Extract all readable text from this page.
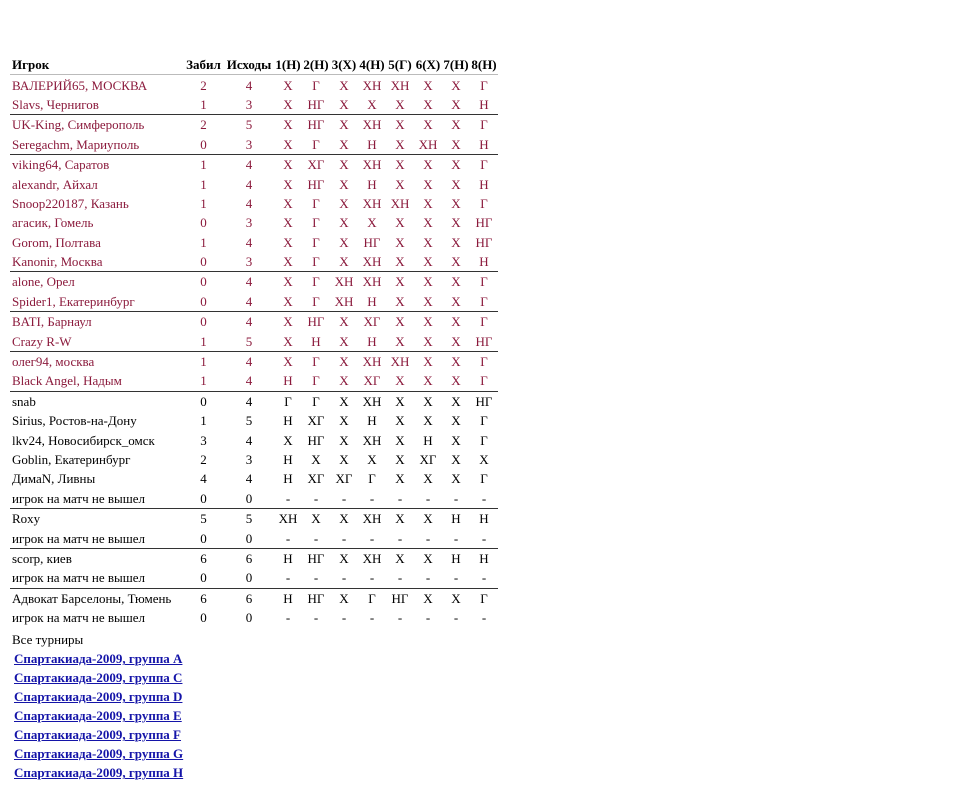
Игрок	Забил	Исходы	1(Н)	2(Н)	3(Х)	4(Н)	5(Г)	6(Х)	7(Н)	8(Н)
ВАЛЕРИЙ65, МОСКВА	2	4	Х	Г	Х	ХН	ХН	Х	Х	Г
Slavs, Чернигов	1	3	Х	НГ	Х	Х	Х	Х	Х	Н
UK-King, Симферополь	2	5	Х	НГ	Х	ХН	Х	Х	Х	Г
Seregachm, Мариуполь	0	3	Х	Г	Х	Н	Х	ХН	Х	Н
viking64, Саратов	1	4	Х	ХГ	Х	ХН	Х	Х	Х	Г
alexandr, Айхал	1	4	Х	НГ	Х	Н	Х	Х	Х	Н
Snoop220187, Казань	1	4	Х	Г	Х	ХН	ХН	Х	Х	Г
агасик, Гомель	0	3	Х	Г	Х	Х	Х	Х	Х	НГ
Gorom, Полтава	1	4	Х	Г	Х	НГ	Х	Х	Х	НГ
Kanonir, Москва	0	3	Х	Г	Х	ХН	Х	Х	Х	Н
alone, Орел	0	4	Х	Г	ХН	ХН	Х	Х	Х	Г
Spider1, Екатеринбург	0	4	Х	Г	ХН	Н	Х	Х	Х	Г
BATI, Барнаул	0	4	Х	НГ	Х	ХГ	Х	Х	Х	Г
Crazy R-W	1	5	Х	Н	Х	Н	Х	Х	Х	НГ
олег94, москва	1	4	Х	Г	Х	ХН	ХН	Х	Х	Г
Black Angel, Надым	1	4	Н	Г	Х	ХГ	Х	Х	Х	Г
snab	0	4	Г	Г	Х	ХН	Х	Х	Х	НГ
Sirius, Ростов-на-Дону	1	5	Н	ХГ	Х	Н	Х	Х	Х	Г
lkv24, Новосибирск_омск	3	4	Х	НГ	Х	ХН	Х	Н	Х	Г
Goblin, Екатеринбург	2	3	Н	Х	Х	Х	Х	ХГ	Х	Х
ДимаN, Ливны	4	4	Н	ХГ	ХГ	Г	Х	Х	Х	Г
игрок на матч не вышел	0	0	-	-	-	-	-	-	-	-
Roxy	5	5	ХН	Х	Х	ХН	Х	Х	Н	Н
игрок на матч не вышел	0	0	-	-	-	-	-	-	-	-
scorp, киев	6	6	Н	НГ	Х	ХН	Х	Х	Н	Н
игрок на матч не вышел	0	0	-	-	-	-	-	-	-	-
Адвокат Барселоны, Тюмень	6	6	Н	НГ	Х	Г	НГ	Х	Х	Г
игрок на матч не вышел	0	0	-	-	-	-	-	-	-	-
Все турниры
Спартакиада-2009, группа A
Спартакиада-2009, группа C
Спартакиада-2009, группа D
Спартакиада-2009, группа E
Спартакиада-2009, группа F
Спартакиада-2009, группа G
Спартакиада-2009, группа H
